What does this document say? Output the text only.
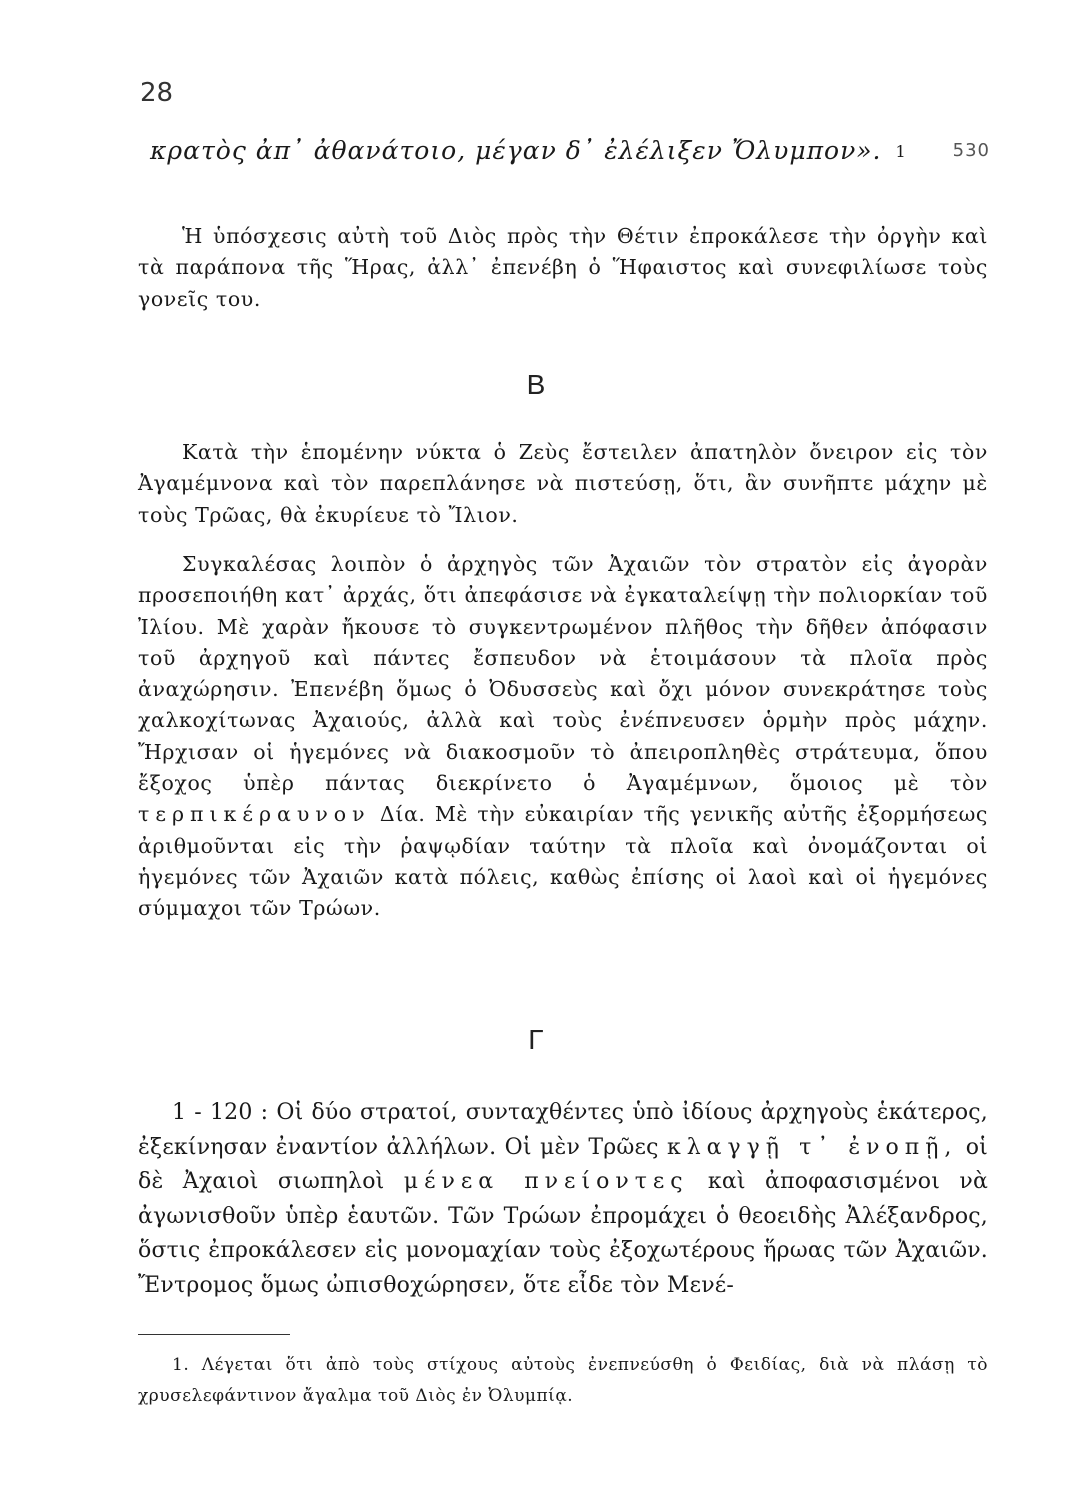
28
κρατὸς ἀπ᾽ ἀθανάτοιο, μέγαν δ᾽ ἐλέλιξεν Ὄλυμπον». 1	530

Ἡ ὑπόσχεσις αὐτὴ τοῦ Διὸς πρὸς τὴν Θέτιν ἐπροκάλεσε τὴν ὀργὴν καὶ τὰ παράπονα τῆς Ἥρας, ἀλλ᾽ ἐπενέβη ὁ Ἥφαιστος καὶ συνεφιλίωσε τοὺς γονεῖς του.

Β

Κατὰ τὴν ἑπομένην νύκτα ὁ Ζεὺς ἔστειλεν ἀπατηλὸν ὄνειρον εἰς τὸν Ἀγαμέμνονα καὶ τὸν παρεπλάνησε νὰ πιστεύσῃ, ὅτι, ἂν συνῆπτε μάχην μὲ τοὺς Τρῶας, θὰ ἐκυρίευε τὸ Ἴλιον.

Συγκαλέσας λοιπὸν ὁ ἀρχηγὸς τῶν Ἀχαιῶν τὸν στρατὸν εἰς ἀγορὰν προσεποιήθη κατ᾽ ἀρχάς, ὅτι ἀπεφάσισε νὰ ἐγκαταλείψῃ τὴν πολιορκίαν τοῦ Ἰλίου. Μὲ χαρὰν ἤκουσε τὸ συγκεντρωμένον πλῆθος τὴν δῆθεν ἀπόφασιν τοῦ ἀρχηγοῦ καὶ πάντες ἔσπευδον νὰ ἑτοιμάσουν τὰ πλοῖα πρὸς ἀναχώρησιν. Ἐπενέβη ὅμως ὁ Ὀδυσσεὺς καὶ ὄχι μόνον συνεκράτησε τοὺς χαλκοχίτωνας Ἀχαιούς, ἀλλὰ καὶ τοὺς ἐνέπνευσεν ὁρμὴν πρὸς μάχην. Ἤρχισαν οἱ ἡγεμόνες νὰ διακοσμοῦν τὸ ἀπειροπληθὲς στράτευμα, ὅπου ἔξοχος ὑπὲρ πάντας διεκρίνετο ὁ Ἀγαμέμνων, ὅμοιος μὲ τὸν τερπικέραυνον Δία. Μὲ τὴν εὐκαιρίαν τῆς γενικῆς αὐτῆς ἐξορμήσεως ἀριθμοῦνται εἰς τὴν ῥαψῳδίαν ταύτην τὰ πλοῖα καὶ ὀνομάζονται οἱ ἡγεμόνες τῶν Ἀχαιῶν κατὰ πόλεις, καθὼς ἐπίσης οἱ λαοὶ καὶ οἱ ἡγεμόνες σύμμαχοι τῶν Τρώων.

Γ

1 - 120 : Οἱ δύο στρατοί, συνταχθέντες ὑπὸ ἰδίους ἀρχηγοὺς ἑκάτερος, ἐξεκίνησαν ἐναντίον ἀλλήλων. Οἱ μὲν Τρῶες κλαγγῇ τ᾽ ἐνοπῇ, οἱ δὲ Ἀχαιοὶ σιωπηλοὶ μένεα πνείοντες καὶ ἀποφασισμένοι νὰ ἀγωνισθοῦν ὑπὲρ ἑαυτῶν. Τῶν Τρώων ἐπρομάχει ὁ θεοειδὴς Ἀλέξανδρος, ὅστις ἐπροκάλεσεν εἰς μονομαχίαν τοὺς ἐξοχωτέρους ἥρωας τῶν Ἀχαιῶν. Ἔντρομος ὅμως ὠπισθοχώρησεν, ὅτε εἶδε τὸν Μενέ-

1. Λέγεται ὅτι ἀπὸ τοὺς στίχους αὐτοὺς ἐνεπνεύσθη ὁ Φειδίας, διὰ νὰ πλάσῃ τὸ χρυσελεφάντινον ἄγαλμα τοῦ Διὸς ἐν Ὀλυμπίᾳ.
